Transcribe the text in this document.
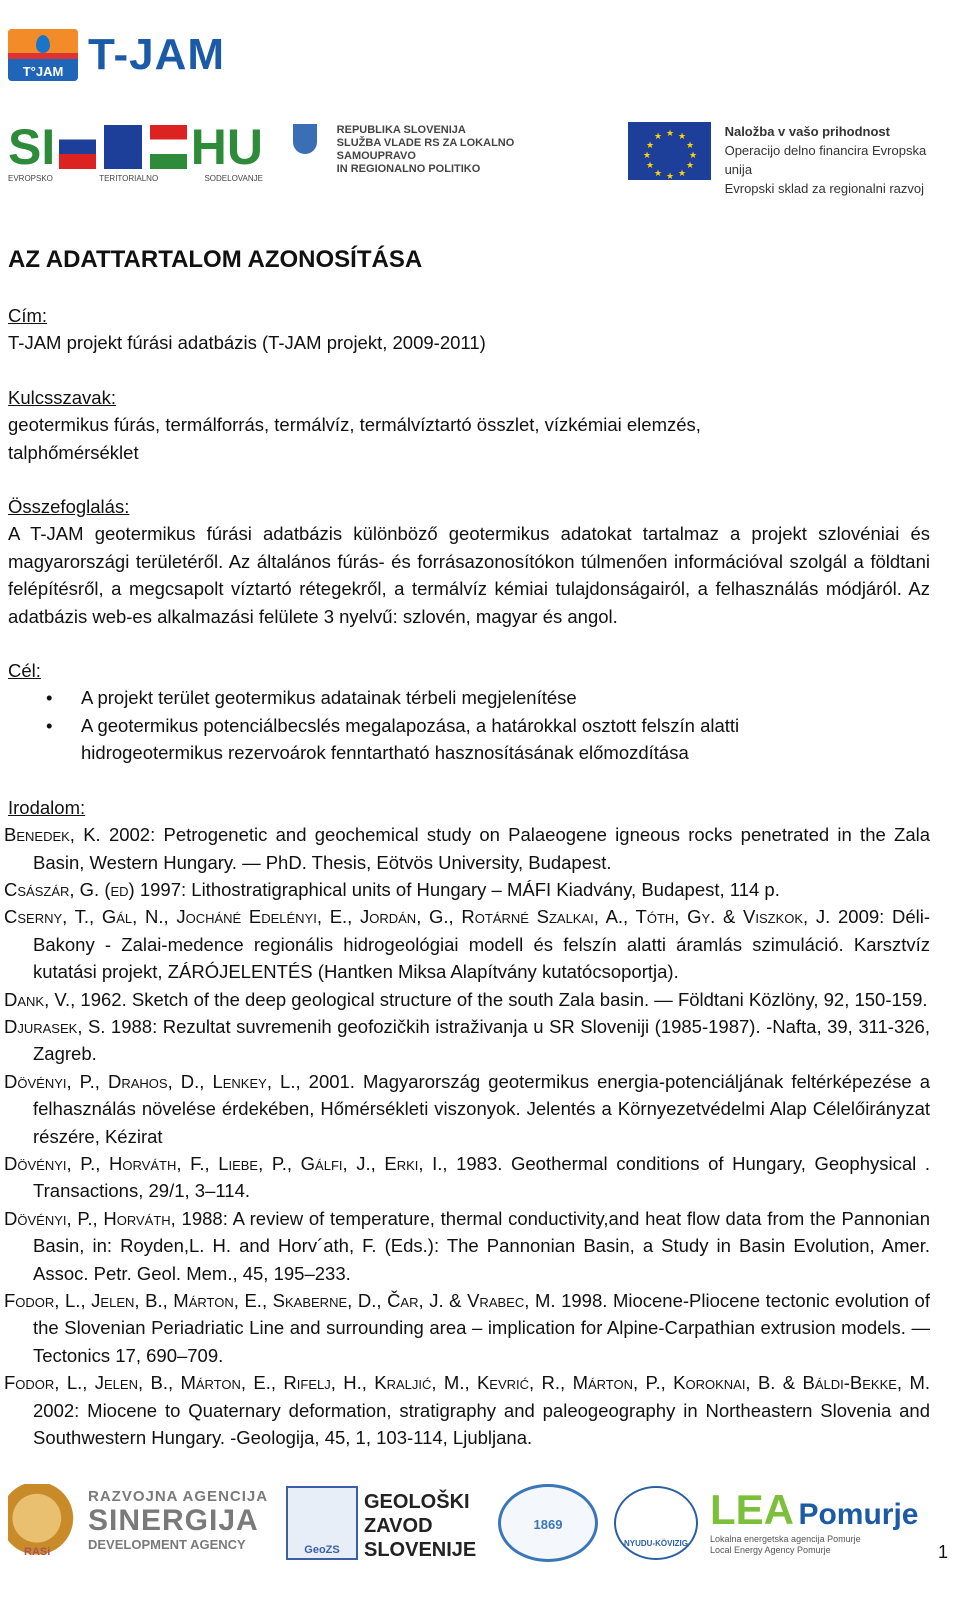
T°JAM T-JAM
SI	HU
EVROPSKO	TERITORIALNO	SODELOVANJE
REPUBLIKA SLOVENIJA
SLUŽBA VLADE RS ZA LOKALNO SAMOUPRAVO
IN REGIONALNO POLITIKO
★ ★
★
★
★
★
★
★
★
★
★
★	Naložba v vašo prihodnost
Operacijo delno financira Evropska unija
Evropski sklad za regionalni razvoj
AZ ADATTARTALOM AZONOSÍTÁSA
Cím:
T-JAM projekt fúrási adatbázis (T-JAM projekt, 2009-2011)
Kulcsszavak:
geotermikus fúrás, termálforrás, termálvíz, termálvíztartó összlet, vízkémiai elemzés, talphőmérséklet
Összefoglalás:
A T-JAM geotermikus fúrási adatbázis különböző geotermikus adatokat tartalmaz a projekt szlovéniai és magyarországi területéről. Az általános fúrás- és forrásazonosítókon túlmenően információval szolgál a földtani felépítésről, a megcsapolt víztartó rétegekről, a termálvíz kémiai tulajdonságairól, a felhasználás módjáról. Az adatbázis web-es alkalmazási felülete 3 nyelvű: szlovén, magyar és angol.
Cél:
• A projekt terület geotermikus adatainak térbeli megjelenítése
• A geotermikus potenciálbecslés megalapozása, a határokkal osztott felszín alatti hidrogeotermikus rezervoárok fenntartható hasznosításának előmozdítása
Irodalom:

Benedek, K. 2002: Petrogenetic and geochemical study on Palaeogene igneous rocks penetrated in the Zala Basin, Western Hungary. — PhD. Thesis, Eötvös University, Budapest.

Császár, G. (ed) 1997: Lithostratigraphical units of Hungary – MÁFI Kiadvány, Budapest, 114 p.

Cserny, T., Gál, N., Jocháné Edelényi, E., Jordán, G., Rotárné Szalkai, A., Tóth, Gy. & Viszkok, J. 2009: Déli-Bakony - Zalai-medence regionális hidrogeológiai modell és felszín alatti áramlás szimuláció. Karsztvíz kutatási projekt, ZÁRÓJELENTÉS (Hantken Miksa Alapítvány kutatócsoportja).

Dank, V., 1962. Sketch of the deep geological structure of the south Zala basin. — Földtani Közlöny, 92, 150-159.

Djurasek, S. 1988: Rezultat suvremenih geofozičkih istraživanja u SR Sloveniji (1985-1987). -Nafta, 39, 311-326, Zagreb.

Dövényi, P., Drahos, D., Lenkey, L., 2001. Magyarország geotermikus energia-potenciáljának feltérképezése a felhasználás növelése érdekében, Hőmérsékleti viszonyok. Jelentés a Környezetvédelmi Alap Célelőirányzat részére, Kézirat

Dövényi, P., Horváth, F., Liebe, P., Gálfi, J., Erki, I., 1983. Geothermal conditions of Hungary, Geophysical . Transactions, 29/1, 3–114.

Dövényi, P., Horváth, 1988: A review of temperature, thermal conductivity,and heat flow data from the Pannonian Basin, in: Royden,L. H. and Horv´ath, F. (Eds.): The Pannonian Basin, a Study in Basin Evolution, Amer. Assoc. Petr. Geol. Mem., 45, 195–233.

Fodor, L., Jelen, B., Márton, E., Skaberne, D., Čar, J. & Vrabec, M. 1998. Miocene-Pliocene tectonic evolution of the Slovenian Periadriatic Line and surrounding area – implication for Alpine-Carpathian extrusion models. — Tectonics 17, 690–709.

Fodor, L., Jelen, B., Márton, E., Rifelj, H., Kraljić, M., Kevrić, R., Márton, P., Koroknai, B. & Báldi-Bekke, M. 2002: Miocene to Quaternary deformation, stratigraphy and paleogeography in Northeastern Slovenia and Southwestern Hungary. -Geologija, 45, 1, 103-114, Ljubljana.

RASi
RAZVOJNA AGENCIJA
SINERGIJA
DEVELOPMENT AGENCY	GeoZS
GEOLOŠKI
ZAVOD
SLOVENIJE
1869
NYUDU-KÖVIZIG
LEA Pomurje
Lokalna energetska agencija Pomurje
Local Energy Agency Pomurje	1
